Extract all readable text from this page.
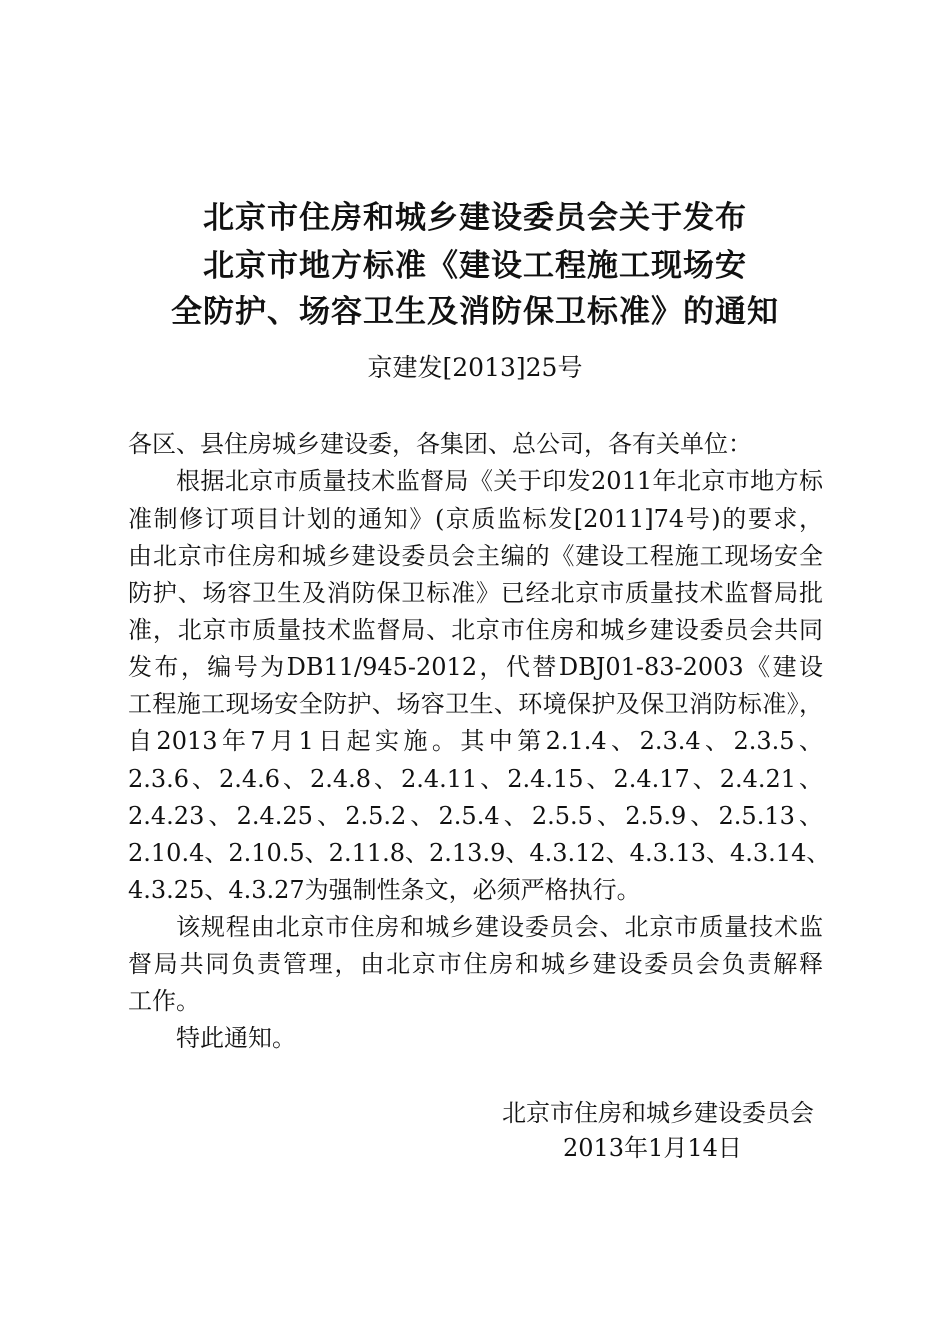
北京市住房和城乡建设委员会关于发布
北京市地方标准《建设工程施工现场安
全防护、场容卫生及消防保卫标准》的通知
京建发[2013]25号
各区、县住房城乡建设委，各集团、总公司，各有关单位：
根据北京市质量技术监督局《关于印发2011年北京市地方标
准制修订项目计划的通知》(京质监标发[2011]74号)的要求，
由北京市住房和城乡建设委员会主编的《建设工程施工现场安全
防护、场容卫生及消防保卫标准》已经北京市质量技术监督局批
准，北京市质量技术监督局、北京市住房和城乡建设委员会共同
发布，编号为DB11/945-2012，代替DBJ01-83-2003《建设
工程施工现场安全防护、场容卫生、环境保护及保卫消防标准》，
自2013年7月1日起实施。其中第2.1.4、2.3.4、2.3.5、
2.3.6、2.4.6、2.4.8、2.4.11、2.4.15、2.4.17、2.4.21、
2.4.23、2.4.25、2.5.2、2.5.4、2.5.5、2.5.9、2.5.13、
2.10.4、2.10.5、2.11.8、2.13.9、4.3.12、4.3.13、4.3.14、
4.3.25、4.3.27为强制性条文，必须严格执行。
该规程由北京市住房和城乡建设委员会、北京市质量技术监
督局共同负责管理，由北京市住房和城乡建设委员会负责解释
工作。
特此通知。
北京市住房和城乡建设委员会
2013年1月14日
